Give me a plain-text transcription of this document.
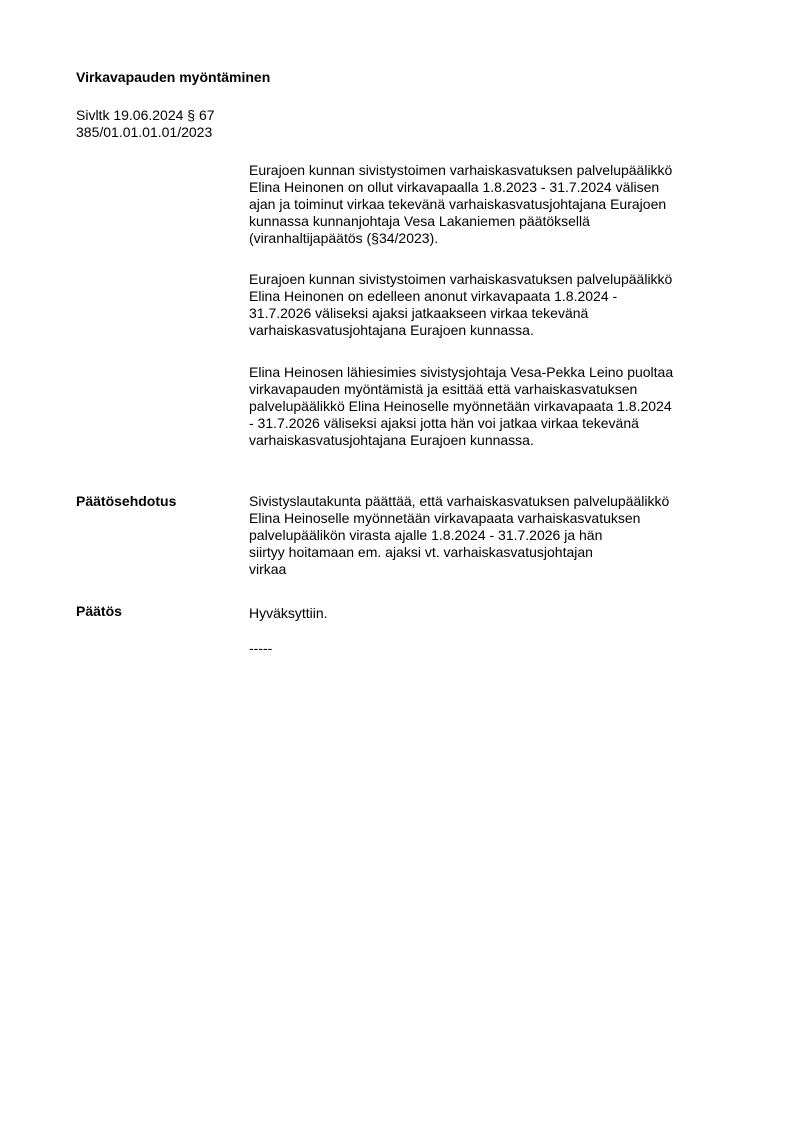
Virkavapauden myöntäminen
Sivltk 19.06.2024 § 67
385/01.01.01.01/2023

Eurajoen kunnan sivistystoimen varhaiskasvatuksen palvelupäälikkö
Elina Heinonen on ollut virkavapaalla 1.8.2023 - 31.7.2024 välisen
ajan ja toiminut virkaa tekevänä varhaiskasvatusjohtajana Eurajoen
kunnassa kunnanjohtaja Vesa Lakaniemen päätöksellä
(viranhaltijapäätös (§34/2023).

Eurajoen kunnan sivistystoimen varhaiskasvatuksen palvelupäälikkö
Elina Heinonen on edelleen anonut virkavapaata 1.8.2024 -
31.7.2026 väliseksi ajaksi jatkaakseen virkaa tekevänä
varhaiskasvatusjohtajana Eurajoen kunnassa.

Elina Heinosen lähiesimies sivistysjohtaja Vesa-Pekka Leino puoltaa
virkavapauden myöntämistä ja esittää että varhaiskasvatuksen
palvelupäälikkö Elina Heinoselle myönnetään virkavapaata 1.8.2024
- 31.7.2026 väliseksi ajaksi jotta hän voi jatkaa virkaa tekevänä
varhaiskasvatusjohtajana Eurajoen kunnassa.

Päätösehdotus	Sivistyslautakunta päättää, että varhaiskasvatuksen palvelupäälikkö
Elina Heinoselle myönnetään virkavapaata varhaiskasvatuksen
palvelupäälikön virasta ajalle 1.8.2024 - 31.7.2026 ja hän
siirtyy hoitamaan em. ajaksi vt. varhaiskasvatusjohtajan
virkaa

Päätös	Hyväksyttiin.

-----
